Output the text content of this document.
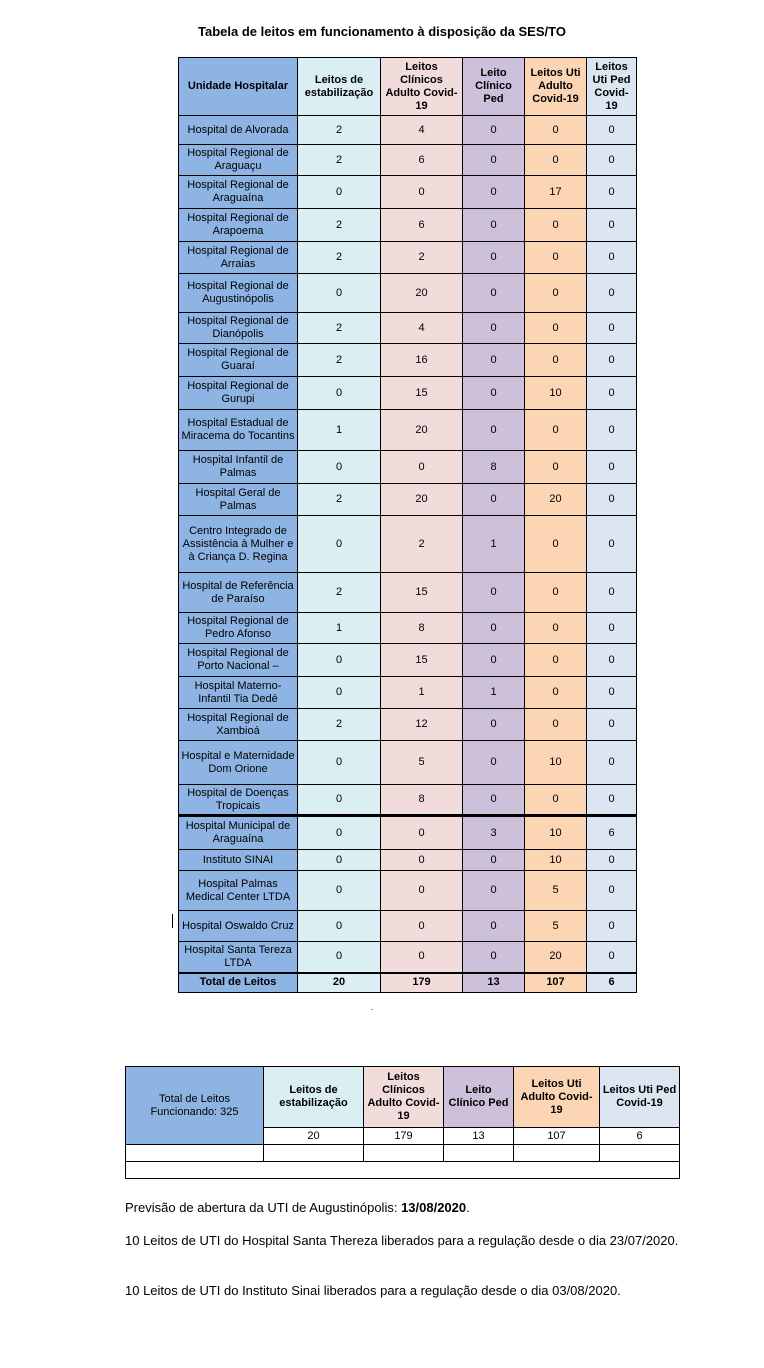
Tabela de leitos em funcionamento à disposição da SES/TO
Unidade Hospitalar	Leitos de estabilização	Leitos Clínicos Adulto Covid-19	Leito Clínico Ped	Leitos Uti Adulto Covid-19	Leitos Uti Ped Covid-19
Hospital de Alvorada	2	4	0	0	0
Hospital Regional de Araguaçu	2	6	0	0	0
Hospital Regional de Araguaína	0	0	0	17	0
Hospital Regional de Arapoema	2	6	0	0	0
Hospital Regional de Arraias	2	2	0	0	0
Hospital Regional de Augustinópolis	0	20	0	0	0
Hospital Regional de Dianópolis	2	4	0	0	0
Hospital Regional de Guaraí	2	16	0	0	0
Hospital Regional de Gurupi	0	15	0	10	0
Hospital Estadual de Miracema do Tocantins	1	20	0	0	0
Hospital Infantil de Palmas	0	0	8	0	0
Hospital Geral de Palmas	2	20	0	20	0
Centro Integrado de Assistência à Mulher e à Criança D. Regina	0	2	1	0	0
Hospital de Referência de Paraíso	2	15	0	0	0
Hospital Regional de Pedro Afonso	1	8	0	0	0
Hospital Regional de Porto Nacional –	0	15	0	0	0
Hospital Materno-Infantil Tia Dedé	0	1	1	0	0
Hospital Regional de Xambioá	2	12	0	0	0
Hospital e Maternidade Dom Orione	0	5	0	10	0
Hospital de Doenças Tropicais	0	8	0	0	0
Hospital Municipal de Araguaína	0	0	3	10	6
Instituto SINAI	0	0	0	10	0
Hospital Palmas Medical Center LTDA	0	0	0	5	0
Hospital Oswaldo Cruz	0	0	0	5	0
Hospital Santa Tereza LTDA	0	0	0	20	0
Total de Leitos	20	179	13	107	6
Total de Leitos Funcionando: 325	Leitos de estabilização	Leitos Clínicos Adulto Covid-19	Leito Clínico Ped	Leitos Uti Adulto Covid-19	Leitos Uti Ped Covid-19
	20	179	13	107	6

Previsão de abertura da UTI de Augustinópolis: 13/08/2020.
10 Leitos de UTI do Hospital Santa Thereza liberados para a regulação desde o dia 23/07/2020.
10 Leitos de UTI do Instituto Sinai liberados para a regulação desde o dia 03/08/2020.
